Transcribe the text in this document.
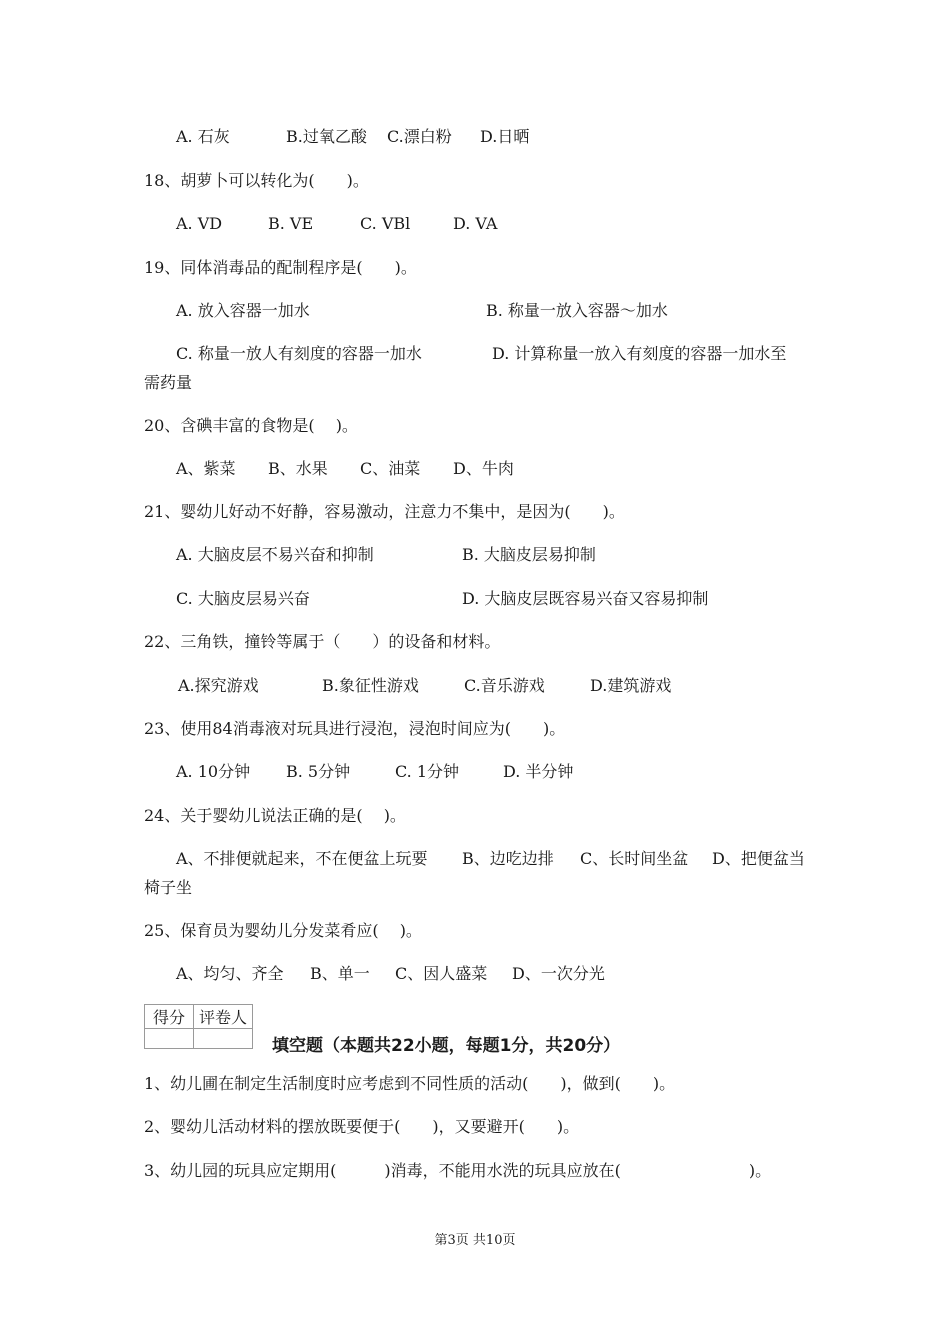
A. 石灰	B.过氧乙酸 C.漂白粉 D.日晒
18、胡萝卜可以转化为(　　)。
A. VD	B. VE	C. VBl	D. VA
19、同体消毒品的配制程序是(　　)。
A. 放入容器一加水	B. 称量一放入容器～加水
C. 称量一放人有刻度的容器一加水	D. 计算称量一放入有刻度的容器一加水至
需药量
20、含碘丰富的食物是(　 )。
A、紫菜 B、水果 C、油菜 D、牛肉
21、婴幼儿好动不好静，容易激动，注意力不集中，是因为(　　)。
A. 大脑皮层不易兴奋和抑制	B. 大脑皮层易抑制
C. 大脑皮层易兴奋	D. 大脑皮层既容易兴奋又容易抑制
22、三角铁，撞铃等属于（　　）的设备和材料。
A.探究游戏	B.象征性游戏	C.音乐游戏	D.建筑游戏
23、使用84消毒液对玩具进行浸泡，浸泡时间应为(　　)。
A. 10分钟 B. 5分钟	C. 1分钟	D. 半分钟
24、关于婴幼儿说法正确的是(　 )。
A、不排便就起来，不在便盆上玩要 B、边吃边排 C、长时间坐盆 D、把便盆当
椅子坐
25、保育员为婴幼儿分发菜肴应(　 )。
A、均匀、齐全 B、单一 C、因人盛菜 D、一次分光
得分	评卷人

填空题（本题共22小题，每题1分，共20分）
1、幼儿圃在制定生活制度时应考虑到不同性质的活动(　　)，做到(　　)。
2、婴幼儿活动材料的摆放既要便于(　　)，又要避开(　　)。
3、幼儿园的玩具应定期用(　　　)消毒，不能用水洗的玩具应放在(　　　　　　　　)。
第3页 共10页
